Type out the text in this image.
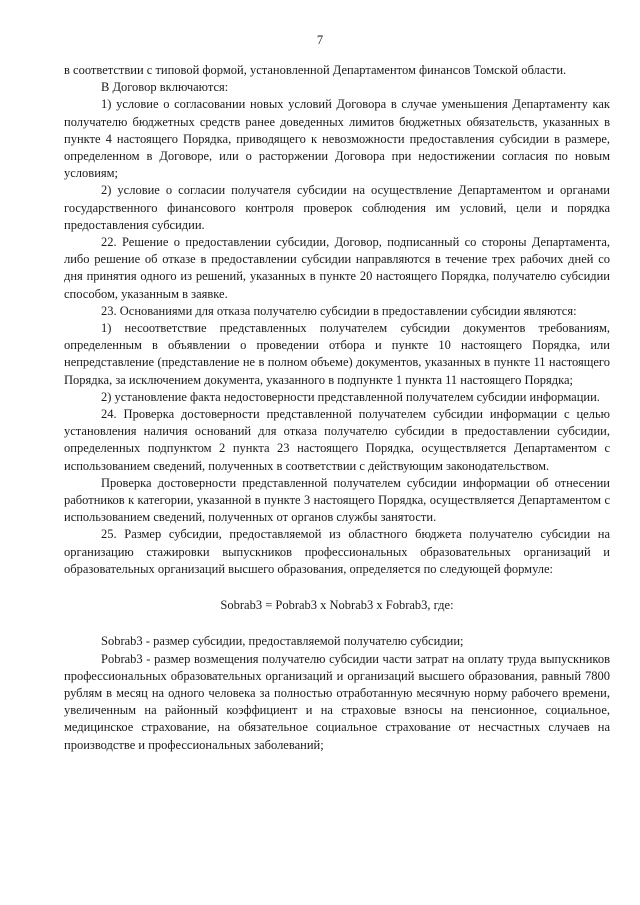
7

в соответствии с типовой формой, установленной Департаментом финансов Томской области.

В Договор включаются:

1) условие о согласовании новых условий Договора в случае уменьшения Департаменту как получателю бюджетных средств ранее доведенных лимитов бюджетных обязательств, указанных в пункте 4 настоящего Порядка, приводящего к невозможности предоставления субсидии в размере, определенном в Договоре, или о расторжении Договора при недостижении согласия по новым условиям;

2) условие о согласии получателя субсидии на осуществление Департаментом и органами государственного финансового контроля проверок соблюдения им условий, цели и порядка предоставления субсидии.

22. Решение о предоставлении субсидии, Договор, подписанный со стороны Департамента, либо решение об отказе в предоставлении субсидии направляются в течение трех рабочих дней со дня принятия одного из решений, указанных в пункте 20 настоящего Порядка, получателю субсидии способом, указанным в заявке.

23. Основаниями для отказа получателю субсидии в предоставлении субсидии являются:

1) несоответствие представленных получателем субсидии документов требованиям, определенным в объявлении о проведении отбора и пункте 10 настоящего Порядка, или непредставление (представление не в полном объеме) документов, указанных в пункте 11 настоящего Порядка, за исключением документа, указанного в подпункте 1 пункта 11 настоящего Порядка;

2) установление факта недостоверности представленной получателем субсидии информации.

24. Проверка достоверности представленной получателем субсидии информации с целью установления наличия оснований для отказа получателю субсидии в предоставлении субсидии, определенных подпунктом 2 пункта 23 настоящего Порядка, осуществляется Департаментом с использованием сведений, полученных в соответствии с действующим законодательством.

Проверка достоверности представленной получателем субсидии информации об отнесении работников к категории, указанной в пункте 3 настоящего Порядка, осуществляется Департаментом с использованием сведений, полученных от органов службы занятости.

25. Размер субсидии, предоставляемой из областного бюджета получателю субсидии на организацию стажировки выпускников профессиональных образовательных организаций и образовательных организаций высшего образования, определяется по следующей формуле:

Sobrab3 = Pobrab3 x Nobrab3 x Fobrab3, где:

Sobrab3 - размер субсидии, предоставляемой получателю субсидии;

Pobrab3 - размер возмещения получателю субсидии части затрат на оплату труда выпускников профессиональных образовательных организаций и организаций высшего образования, равный 7800 рублям в месяц на одного человека за полностью отработанную месячную норму рабочего времени, увеличенным на районный коэффициент и на страховые взносы на пенсионное, социальное, медицинское страхование, на обязательное социальное страхование от несчастных случаев на производстве и профессиональных заболеваний;
